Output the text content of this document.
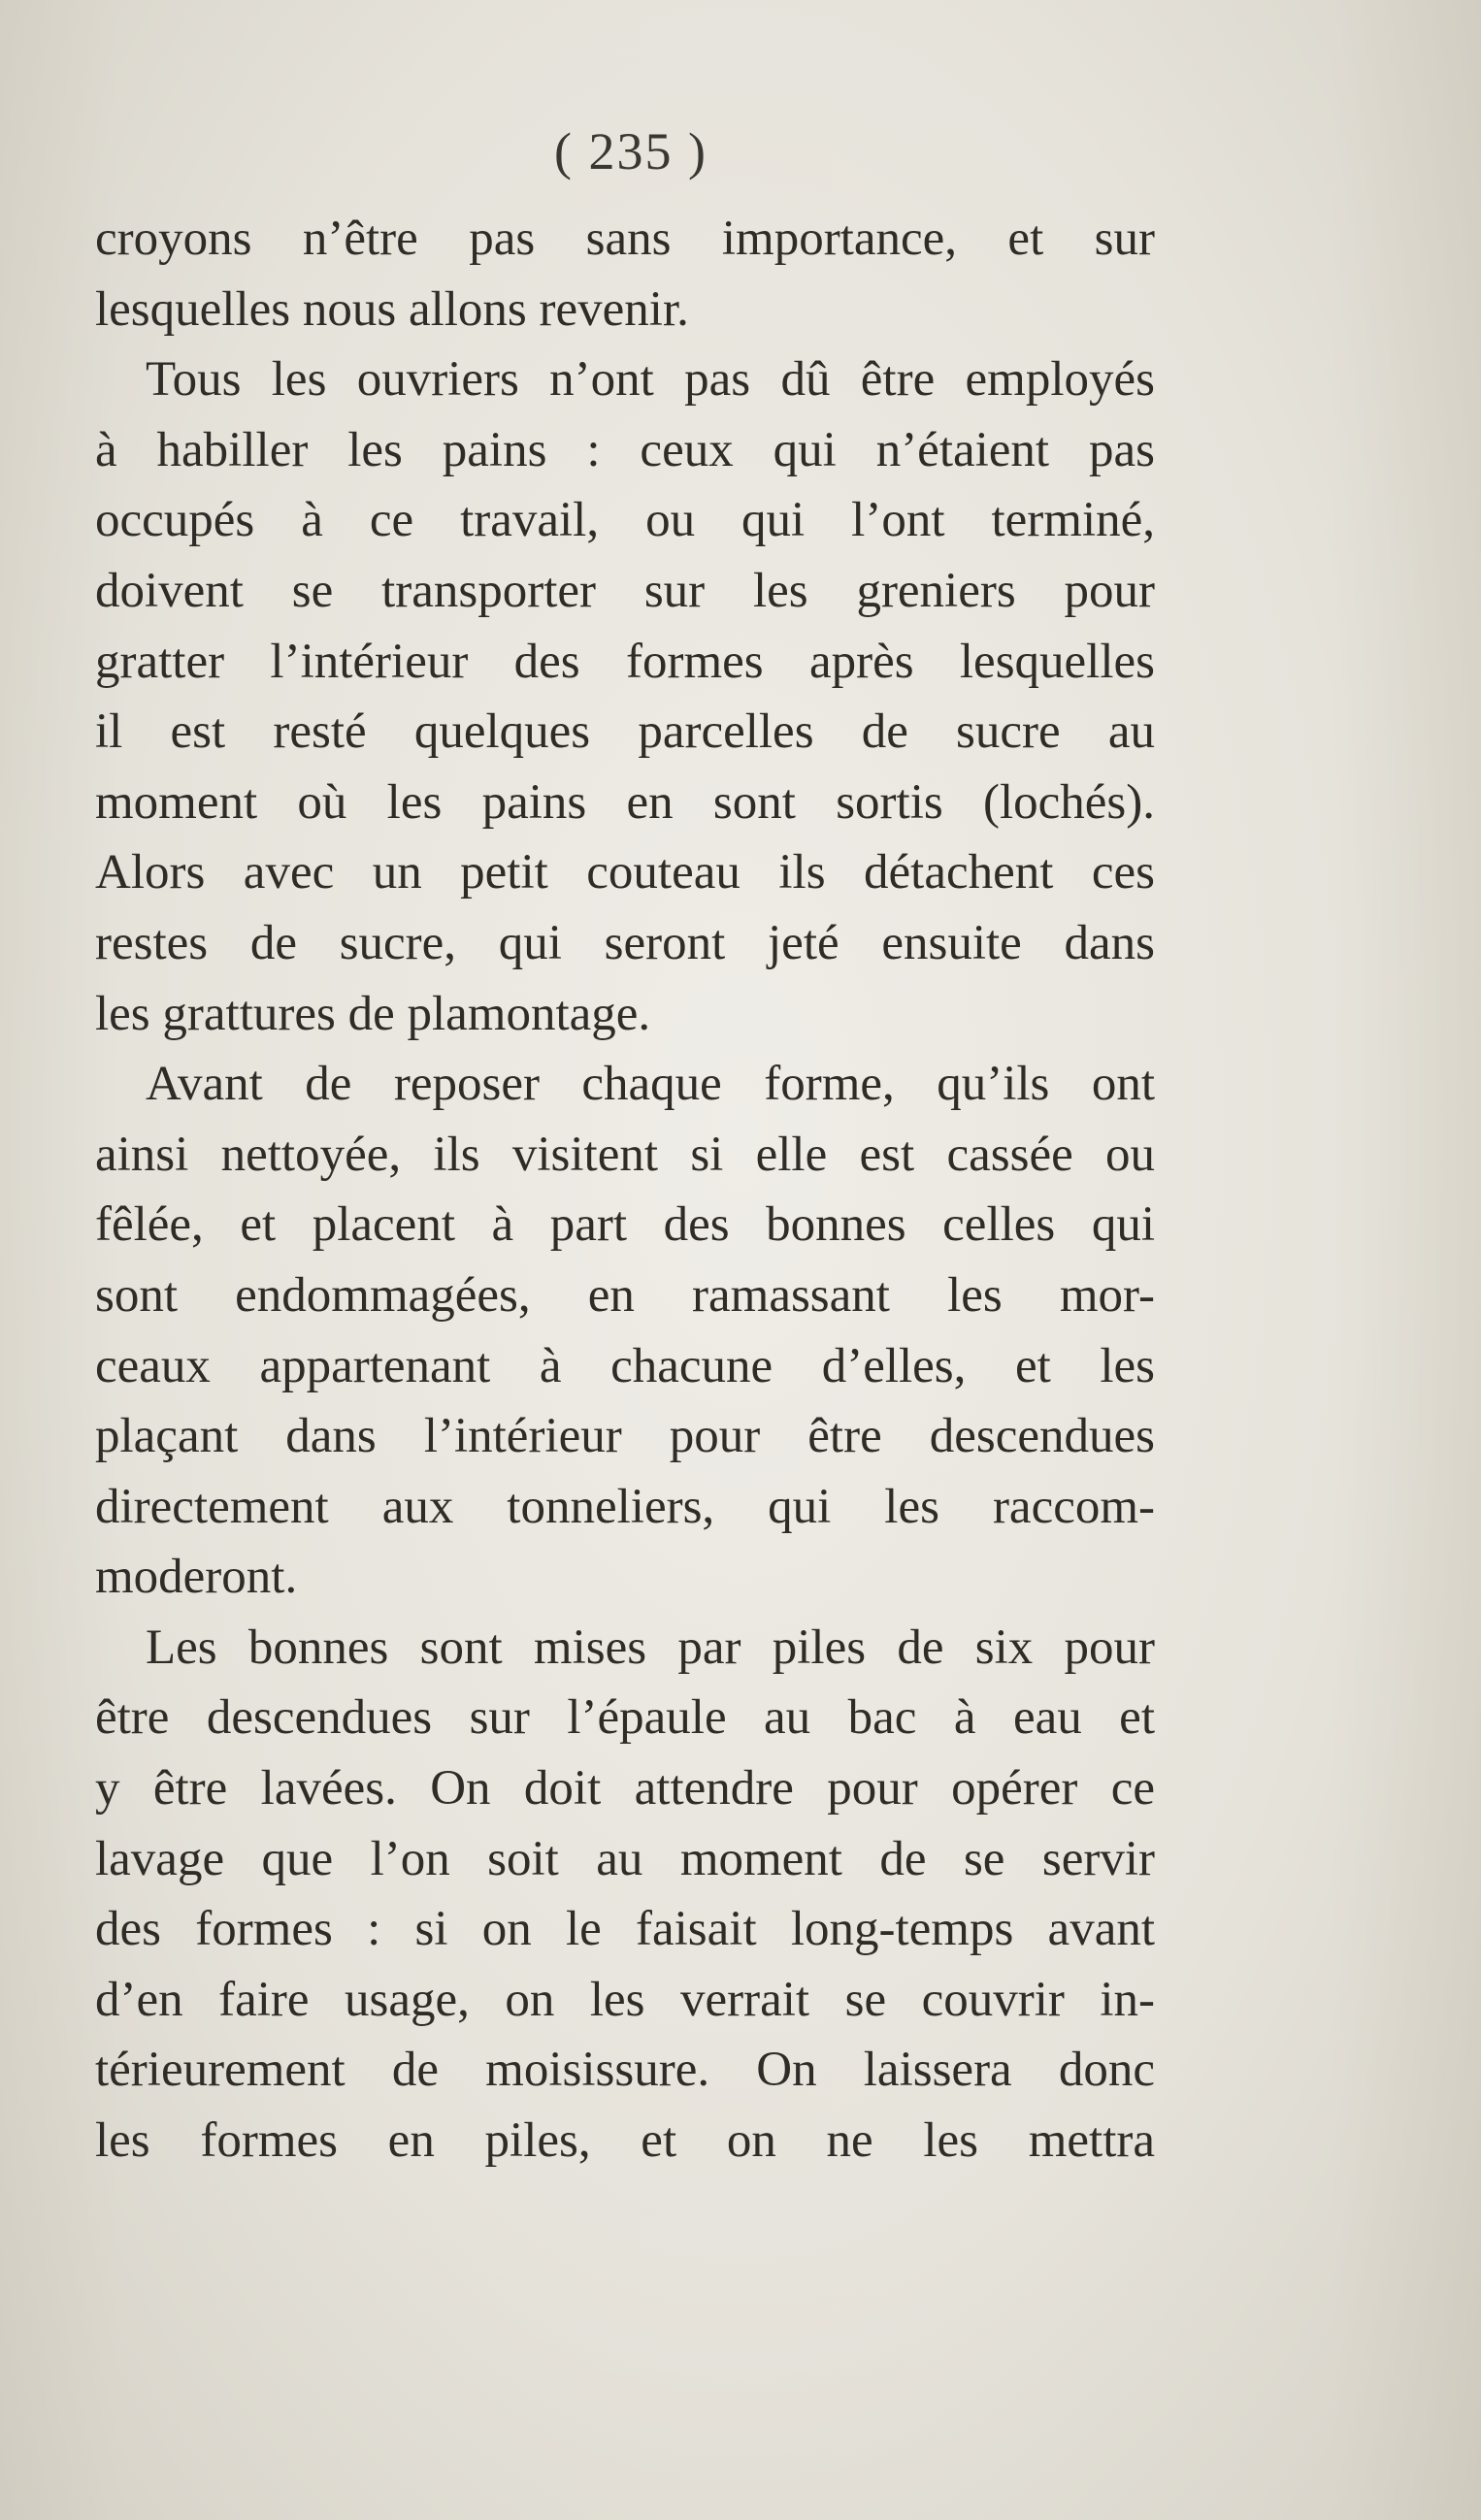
( 235 )
croyons n’être pas sans importance, et sur
lesquelles nous allons revenir.
Tous les ouvriers n’ont pas dû être employés
à habiller les pains : ceux qui n’étaient pas
occupés à ce travail, ou qui l’ont terminé,
doivent se transporter sur les greniers pour
gratter l’intérieur des formes après lesquelles
il est resté quelques parcelles de sucre au
moment où les pains en sont sortis (lochés).
Alors avec un petit couteau ils détachent ces
restes de sucre, qui seront jeté ensuite dans
les grattures de plamontage.
Avant de reposer chaque forme, qu’ils ont
ainsi nettoyée, ils visitent si elle est cassée ou
fêlée, et placent à part des bonnes celles qui
sont endommagées, en ramassant les mor-
ceaux appartenant à chacune d’elles, et les
plaçant dans l’intérieur pour être descendues
directement aux tonneliers, qui les raccom-
moderont.
Les bonnes sont mises par piles de six pour
être descendues sur l’épaule au bac à eau et
y être lavées. On doit attendre pour opérer ce
lavage que l’on soit au moment de se servir
des formes : si on le faisait long-temps avant
d’en faire usage, on les verrait se couvrir in-
térieurement de moisissure. On laissera donc
les formes en piles, et on ne les mettra
